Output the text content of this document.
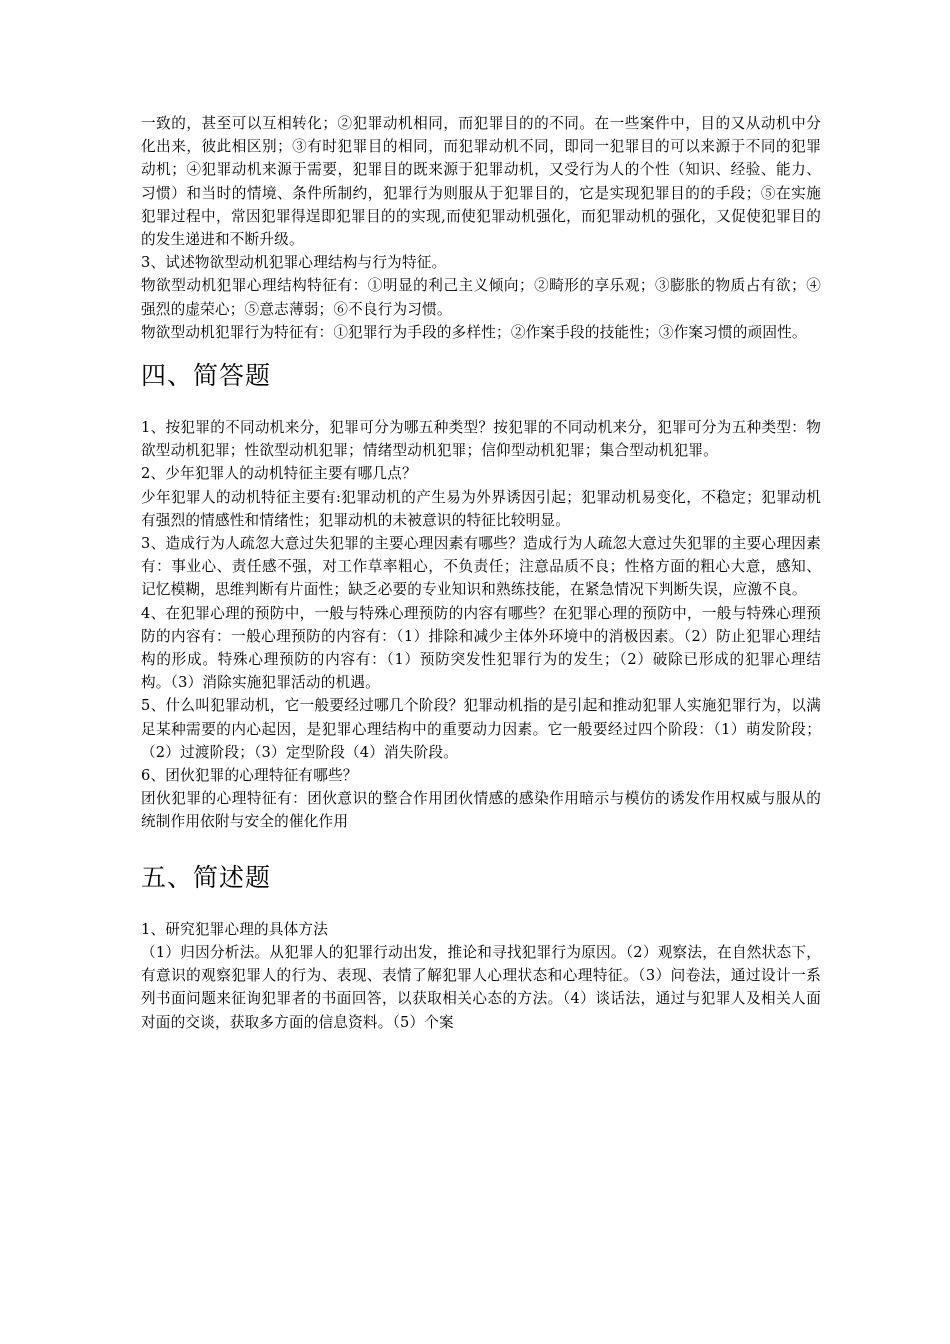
一致的，甚至可以互相转化；②犯罪动机相同，而犯罪目的的不同。在一些案件中，目的又从动机中分化出来，彼此相区别；③有时犯罪目的相同，而犯罪动机不同，即同一犯罪目的可以来源于不同的犯罪动机；④犯罪动机来源于需要，犯罪目的既来源于犯罪动机，又受行为人的个性（知识、经验、能力、习惯）和当时的情境、条件所制约，犯罪行为则服从于犯罪目的，它是实现犯罪目的的手段；⑤在实施犯罪过程中，常因犯罪得逞即犯罪目的的实现,而使犯罪动机强化，而犯罪动机的强化，又促使犯罪目的的发生递进和不断升级。

3、试述物欲型动机犯罪心理结构与行为特征。

物欲型动机犯罪心理结构特征有：①明显的利己主义倾向；②畸形的享乐观；③膨胀的物质占有欲；④强烈的虚荣心；⑤意志薄弱；⑥不良行为习惯。

物欲型动机犯罪行为特征有：①犯罪行为手段的多样性；②作案手段的技能性；③作案习惯的顽固性。

四、简答题

1、按犯罪的不同动机来分，犯罪可分为哪五种类型？按犯罪的不同动机来分，犯罪可分为五种类型：物欲型动机犯罪；性欲型动机犯罪；情绪型动机犯罪；信仰型动机犯罪；集合型动机犯罪。

2、少年犯罪人的动机特征主要有哪几点？

少年犯罪人的动机特征主要有:犯罪动机的产生易为外界诱因引起；犯罪动机易变化，不稳定；犯罪动机有强烈的情感性和情绪性；犯罪动机的未被意识的特征比较明显。

3、造成行为人疏忽大意过失犯罪的主要心理因素有哪些？造成行为人疏忽大意过失犯罪的主要心理因素有：事业心、责任感不强，对工作草率粗心，不负责任；注意品质不良；性格方面的粗心大意，感知、记忆模糊，思维判断有片面性；缺乏必要的专业知识和熟练技能，在紧急情况下判断失误，应激不良。

4、在犯罪心理的预防中，一般与特殊心理预防的内容有哪些？在犯罪心理的预防中，一般与特殊心理预防的内容有：一般心理预防的内容有：（1）排除和减少主体外环境中的消极因素。（2）防止犯罪心理结构的形成。特殊心理预防的内容有：（1）预防突发性犯罪行为的发生；（2）破除已形成的犯罪心理结构。（3）消除实施犯罪活动的机遇。

5、什么叫犯罪动机，它一般要经过哪几个阶段？犯罪动机指的是引起和推动犯罪人实施犯罪行为，以满足某种需要的内心起因，是犯罪心理结构中的重要动力因素。它一般要经过四个阶段：（1）萌发阶段；（2）过渡阶段；（3）定型阶段（4）消失阶段。

6、团伙犯罪的心理特征有哪些？

团伙犯罪的心理特征有：团伙意识的整合作用团伙情感的感染作用暗示与模仿的诱发作用权威与服从的统制作用依附与安全的催化作用

五、简述题

1、研究犯罪心理的具体方法

（1）归因分析法。从犯罪人的犯罪行动出发，推论和寻找犯罪行为原因。（2）观察法，在自然状态下，有意识的观察犯罪人的行为、表现、表情了解犯罪人心理状态和心理特征。（3）问卷法，通过设计一系列书面问题来征询犯罪者的书面回答，以获取相关心态的方法。（4）谈话法，通过与犯罪人及相关人面对面的交谈，获取多方面的信息资料。（5）个案
